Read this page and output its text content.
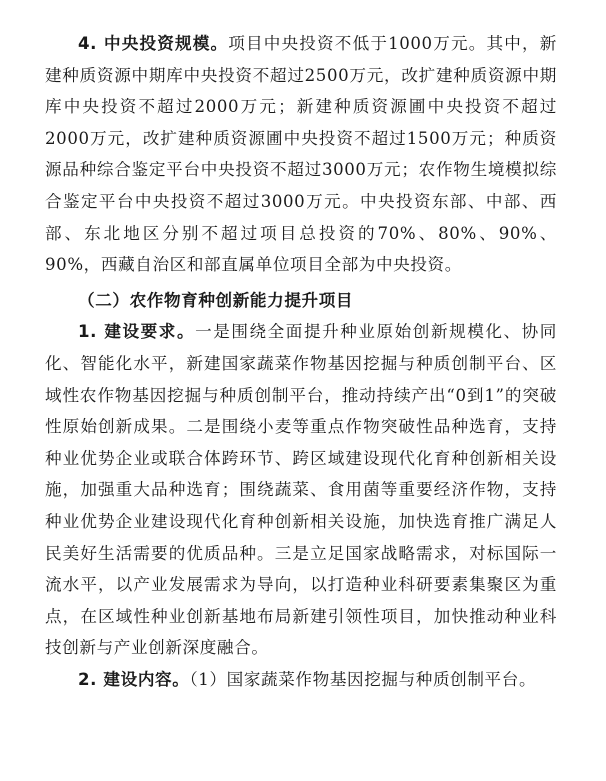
4. 中央投资规模。项目中央投资不低于1000万元。其中，新建种质资源中期库中央投资不超过2500万元，改扩建种质资源中期库中央投资不超过2000万元；新建种质资源圃中央投资不超过2000万元，改扩建种质资源圃中央投资不超过1500万元；种质资源品种综合鉴定平台中央投资不超过3000万元；农作物生境模拟综合鉴定平台中央投资不超过3000万元。中央投资东部、中部、西部、东北地区分别不超过项目总投资的70%、80%、90%、90%，西藏自治区和部直属单位项目全部为中央投资。

（二）农作物育种创新能力提升项目

1. 建设要求。一是围绕全面提升种业原始创新规模化、协同化、智能化水平，新建国家蔬菜作物基因挖掘与种质创制平台、区域性农作物基因挖掘与种质创制平台，推动持续产出“0到1”的突破性原始创新成果。二是围绕小麦等重点作物突破性品种选育，支持种业优势企业或联合体跨环节、跨区域建设现代化育种创新相关设施，加强重大品种选育；围绕蔬菜、食用菌等重要经济作物，支持种业优势企业建设现代化育种创新相关设施，加快选育推广满足人民美好生活需要的优质品种。三是立足国家战略需求，对标国际一流水平，以产业发展需求为导向，以打造种业科研要素集聚区为重点，在区域性种业创新基地布局新建引领性项目，加快推动种业科技创新与产业创新深度融合。

2. 建设内容。（1）国家蔬菜作物基因挖掘与种质创制平台。
